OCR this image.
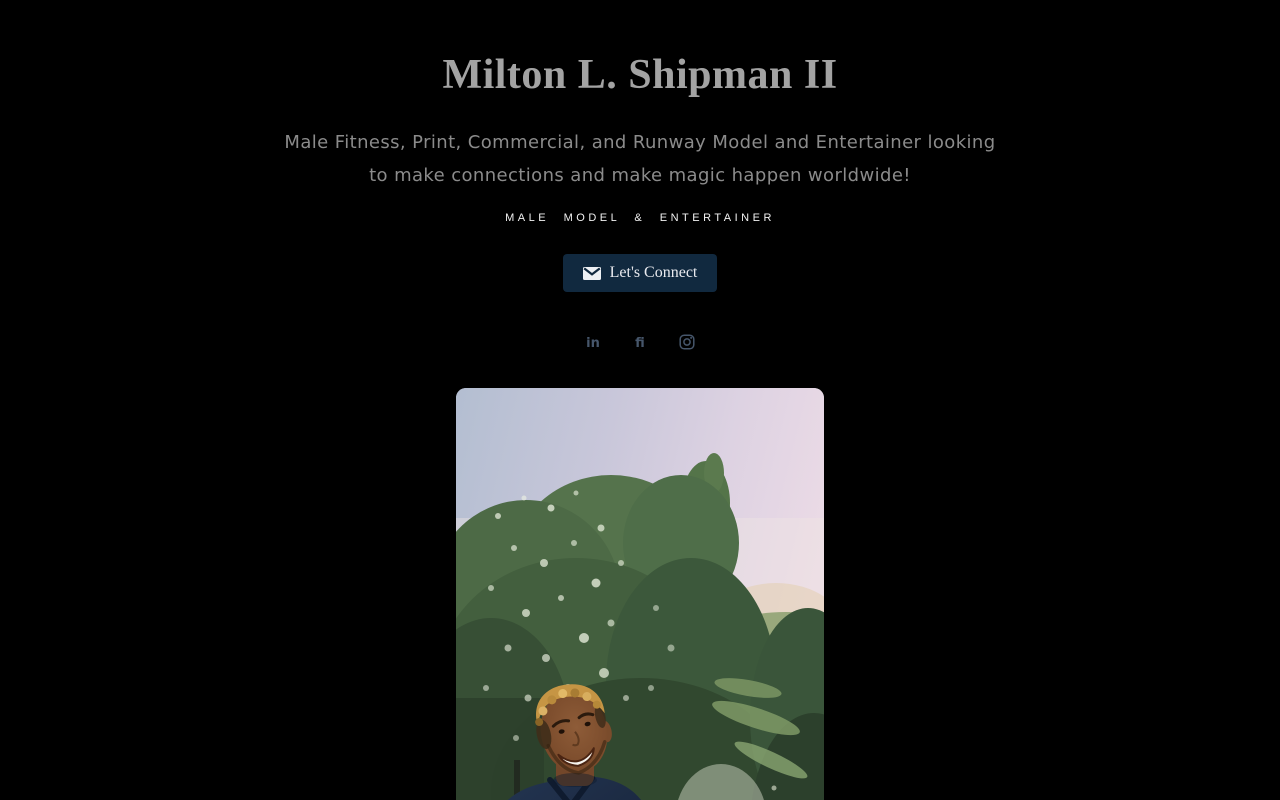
Milton L. Shipman II

Male Fitness, Print, Commercial, and Runway Model and Entertainer looking
to make connections and make magic happen worldwide!

MALE MODEL & ENTERTAINER
Let's Connect
in	fi
